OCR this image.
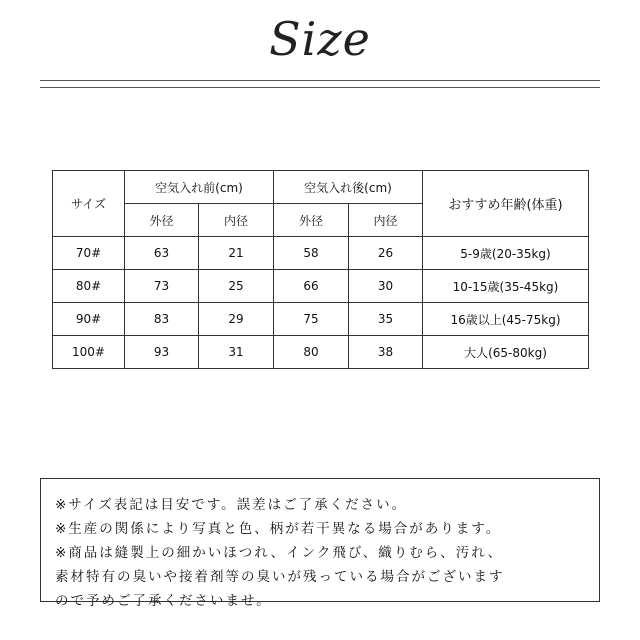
Size
サイズ	空気入れ前(cm)		空気入れ後(cm)		おすすめ年齢(体重)
	外径	内径	外径	内径	
70#	63	21	58	26	5-9歳(20-35kg)
80#	73	25	66	30	10-15歳(35-45kg)
90#	83	29	75	35	16歳以上(45-75kg)
100#	93	31	80	38	大人(65-80kg)
※サイズ表記は目安です。誤差はご了承ください。
※生産の関係により写真と色、柄が若干異なる場合があります。
※商品は縫製上の細かいほつれ、インク飛び、織りむら、汚れ、
素材特有の臭いや接着剤等の臭いが残っている場合がございます
ので予めご了承くださいませ。
